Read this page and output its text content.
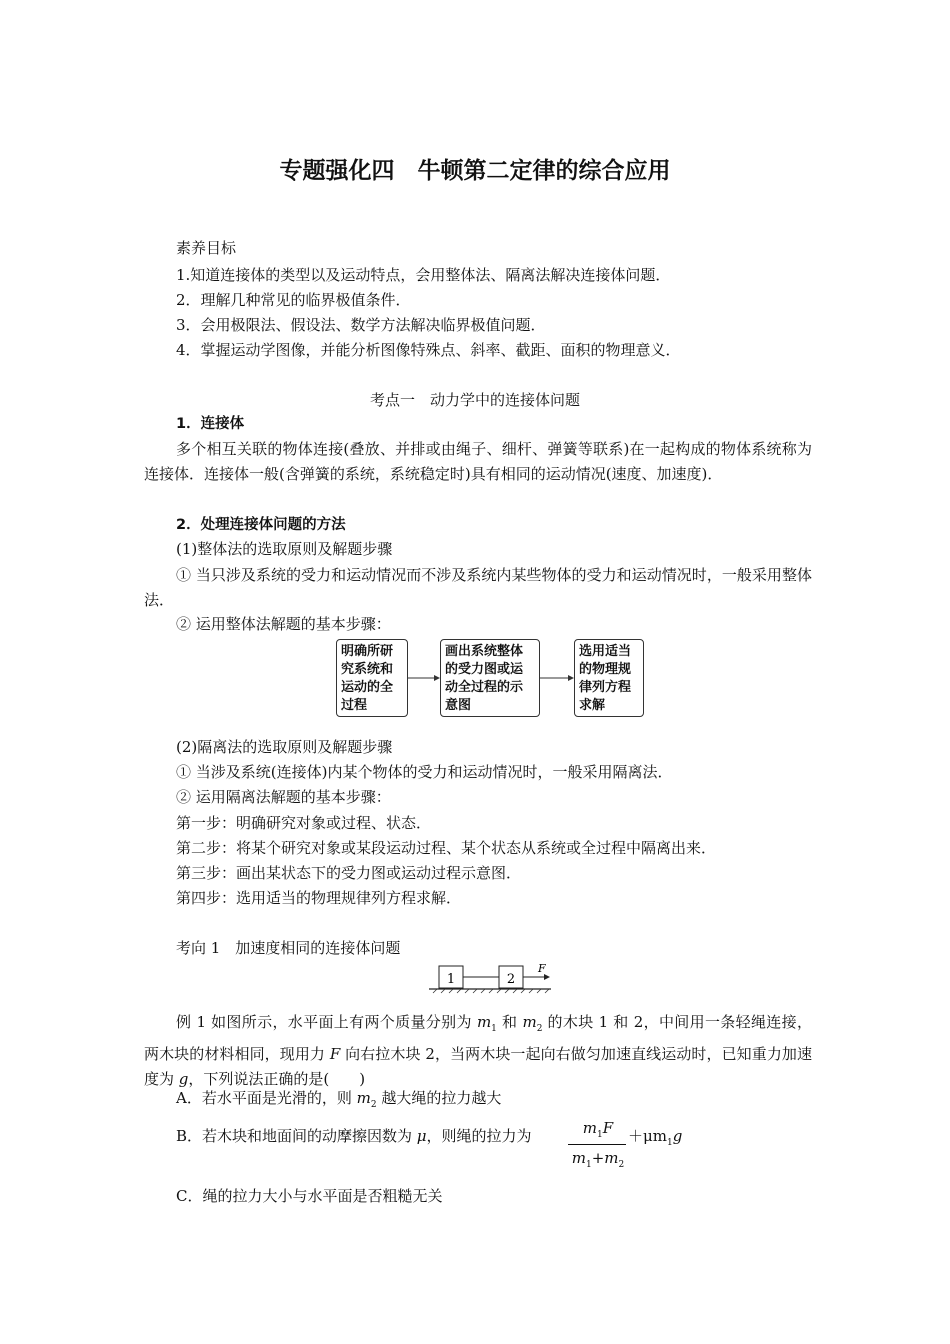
专题强化四　牛顿第二定律的综合应用
素养目标
1.知道连接体的类型以及运动特点，会用整体法、隔离法解决连接体问题．
2．理解几种常见的临界极值条件．
3．会用极限法、假设法、数学方法解决临界极值问题．
4．掌握运动学图像，并能分析图像特殊点、斜率、截距、面积的物理意义．
考点一　动力学中的连接体问题
1．连接体
多个相互关联的物体连接(叠放、并排或由绳子、细杆、弹簧等联系)在一起构成的物体系统称为连接体．连接体一般(含弹簧的系统，系统稳定时)具有相同的运动情况(速度、加速度)．
2．处理连接体问题的方法
(1)整体法的选取原则及解题步骤
① 当只涉及系统的受力和运动情况而不涉及系统内某些物体的受力和运动情况时，一般采用整体法．
② 运用整体法解题的基本步骤：
明确所研究系统和运动的全过程
画出系统整体的受力图或运动全过程的示意图
选用适当的物理规律列方程求解
(2)隔离法的选取原则及解题步骤
① 当涉及系统(连接体)内某个物体的受力和运动情况时，一般采用隔离法．
② 运用隔离法解题的基本步骤：
第一步：明确研究对象或过程、状态．
第二步：将某个研究对象或某段运动过程、某个状态从系统或全过程中隔离出来．
第三步：画出某状态下的受力图或运动过程示意图．
第四步：选用适当的物理规律列方程求解．
考向 1　加速度相同的连接体问题
1	2
F
例 1 如图所示，水平面上有两个质量分别为 $m_1$ 和 $m_2$ 的木块 1 和 2，中间用一条轻绳连接，两木块的材料相同，现用力 F 向右拉木块 2，当两木块一起向右做匀加速直线运动时，已知重力加速度为 g，下列说法正确的是(　　)
A．若水平面是光滑的，则 $m_2$ 越大绳的拉力越大
B．若木块和地面间的动摩擦因数为 μ，则绳的拉力为	$m_1F$
$m_1+m_2$
$+\mu m_1g$
C．绳的拉力大小与水平面是否粗糙无关
